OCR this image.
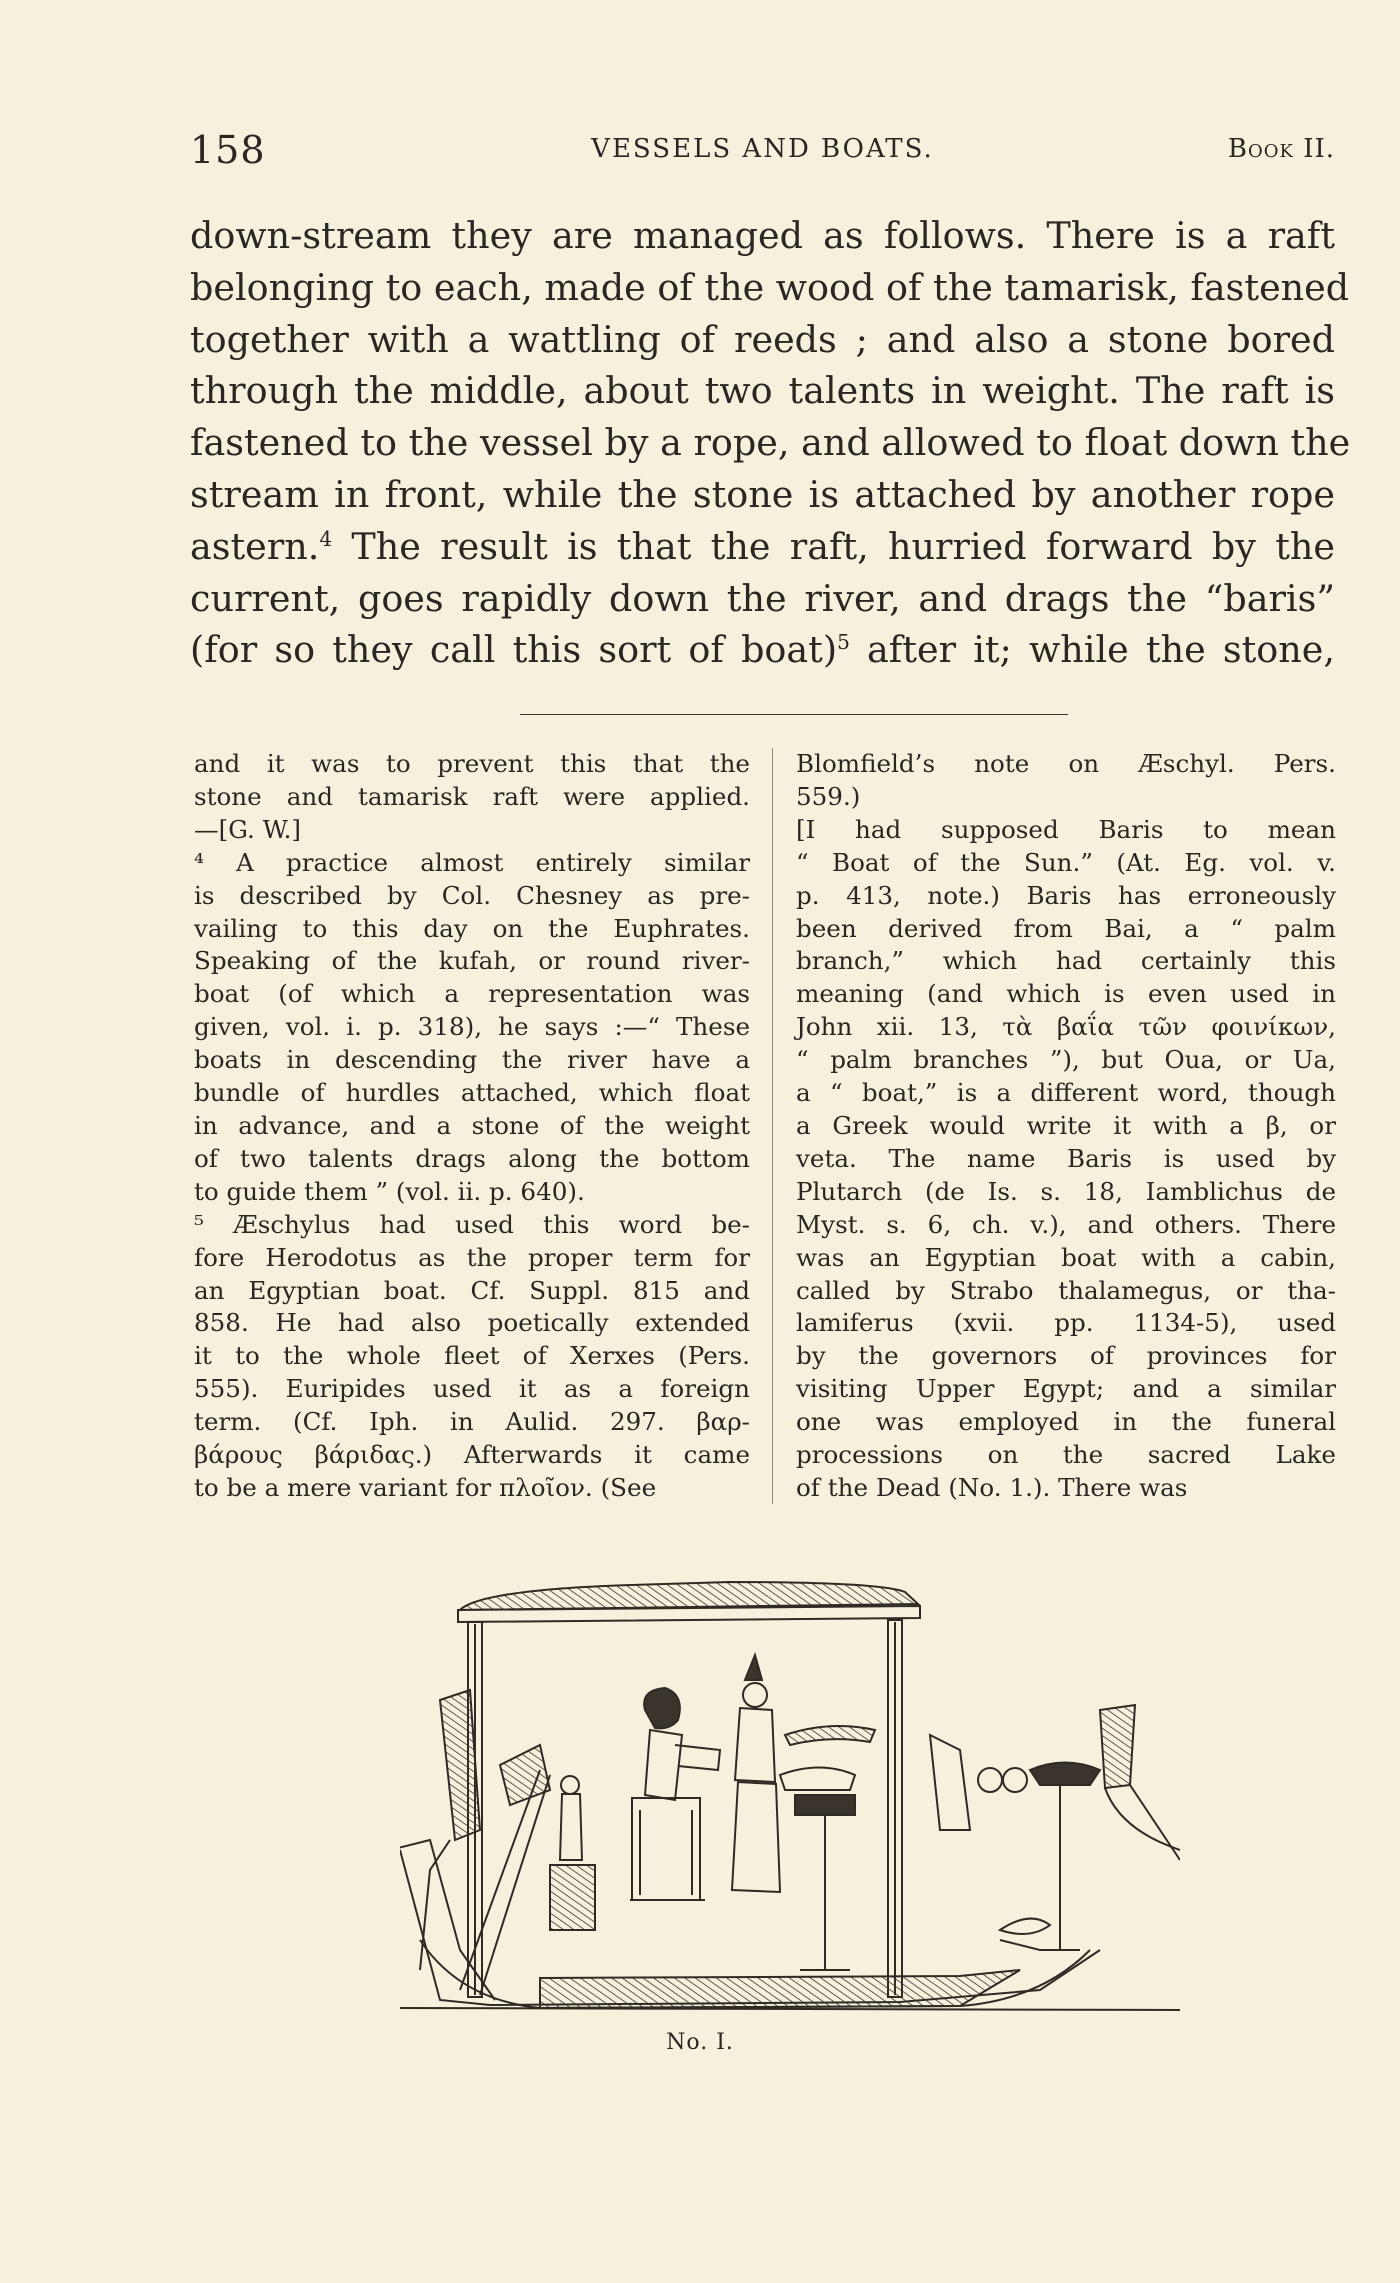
158	VESSELS AND BOATS.	Book II.
down-stream they are managed as follows. There is a raft
belonging to each, made of the wood of the tamarisk, fastened
together with a wattling of reeds ; and also a stone bored
through the middle, about two talents in weight. The raft is
fastened to the vessel by a rope, and allowed to float down the
stream in front, while the stone is attached by another rope
astern.$^4$ The result is that the raft, hurried forward by the
current, goes rapidly down the river, and drags the “baris”
(for so they call this sort of boat)$^5$ after it; while the stone,
and it was to prevent this that the
stone and tamarisk raft were applied.
—[G. W.]
⁴ A practice almost entirely similar
is described by Col. Chesney as pre-
vailing to this day on the Euphrates.
Speaking of the kufah, or round river-
boat (of which a representation was
given, vol. i. p. 318), he says :—“ These
boats in descending the river have a
bundle of hurdles attached, which float
in advance, and a stone of the weight
of two talents drags along the bottom
to guide them ” (vol. ii. p. 640).
⁵ Æschylus had used this word be-
fore Herodotus as the proper term for
an Egyptian boat. Cf. Suppl. 815 and
858. He had also poetically extended
it to the whole fleet of Xerxes (Pers.
555). Euripides used it as a foreign
term. (Cf. Iph. in Aulid. 297. βαρ-
βάρους βάριδας.) Afterwards it came
to be a mere variant for πλοῖον. (See
Blomfield’s note on Æschyl. Pers.
559.)
[I had supposed Baris to mean
“ Boat of the Sun.” (At. Eg. vol. v.
p. 413, note.) Baris has erroneously
been derived from Bai, a “ palm
branch,” which had certainly this
meaning (and which is even used in
John xii. 13, τὰ βαΐα τῶν φοινίκων,
“ palm branches ”), but Oua, or Ua,
a “ boat,” is a different word, though
a Greek would write it with a β, or
veta. The name Baris is used by
Plutarch (de Is. s. 18, Iamblichus de
Myst. s. 6, ch. v.), and others. There
was an Egyptian boat with a cabin,
called by Strabo thalamegus, or tha-
lamiferus (xvii. pp. 1134-5), used
by the governors of provinces for
visiting Upper Egypt; and a similar
one was employed in the funeral
processions on the sacred Lake
of the Dead (No. 1.). There was
No. I.
